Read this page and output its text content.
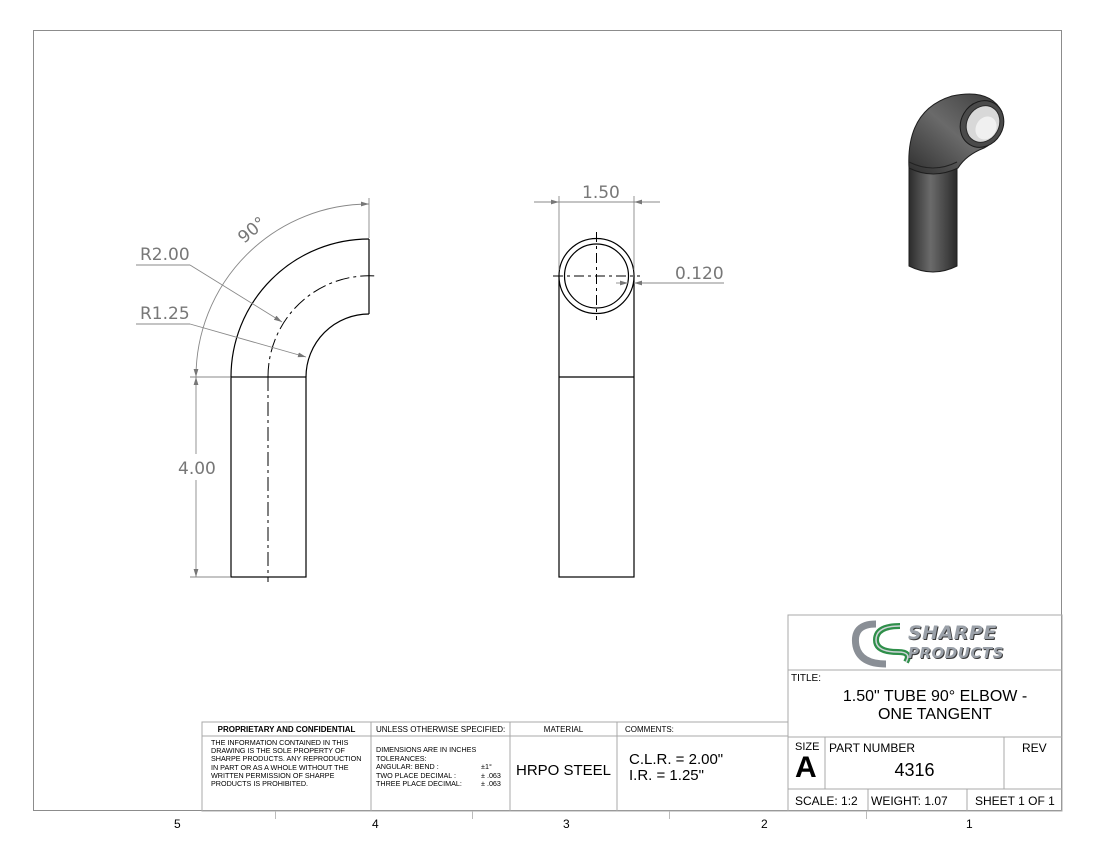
90°
R2.00
R1.25
4.00
1.50
0.120
5	4	3	2	1
PROPRIETARY AND CONFIDENTIAL
THE INFORMATION CONTAINED IN THIS DRAWING IS THE SOLE PROPERTY OF SHARPE PRODUCTS. ANY REPRODUCTION IN PART OR AS A WHOLE WITHOUT THE WRITTEN PERMISSION OF SHARPE PRODUCTS IS PROHIBITED.
UNLESS OTHERWISE SPECIFIED:
DIMENSIONS ARE IN INCHES
TOLERANCES:
ANGULAR: BEND :	±1°
TWO PLACE DECIMAL :	± .063
THREE PLACE DECIMAL:	± .063
MATERIAL
HRPO STEEL
COMMENTS:
C.L.R. = 2.00"
I.R. = 1.25"
SHARPE
PRODUCTS
TITLE:
1.50" TUBE 90° ELBOW -
ONE TANGENT
SIZE
A
PART NUMBER
4316
REV
SCALE: 1:2 WEIGHT: 1.07 SHEET 1 OF 1
